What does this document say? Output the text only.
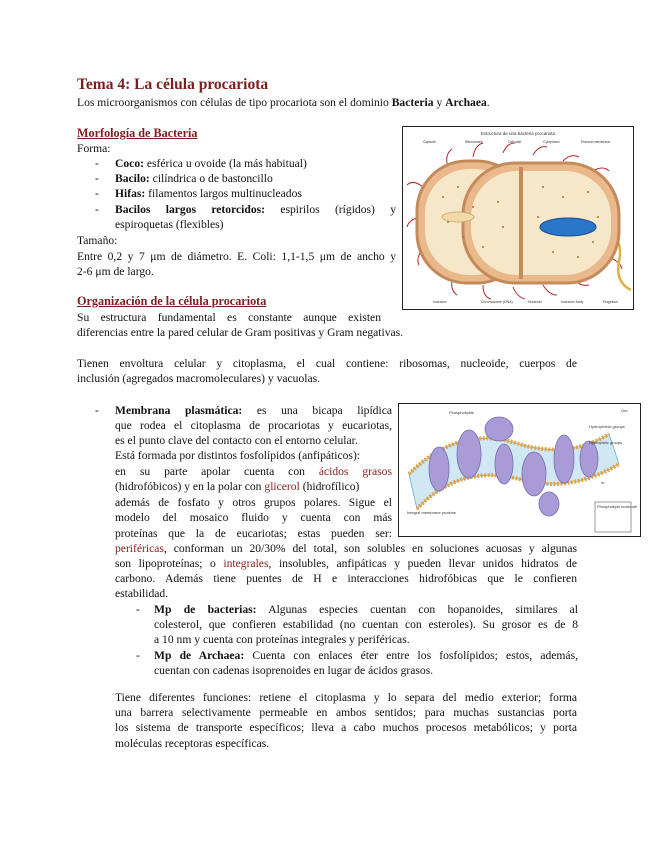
Tema 4: La célula procariota
Los microorganismos con células de tipo procariota son el dominio Bacteria y Archaea.
Morfología de Bacteria
Forma:
- Coco: esférica u ovoide (la más habitual)
- Bacilo: cilíndrica o de bastoncillo
- Hifas: filamentos largos multinucleados
- Bacilos largos retorcidos: espirilos (rígidos) y
espiroquetas (flexibles)
Tamaño:
Entre 0,2 y 7 μm de diámetro. E. Coli: 1,1-1,5 μm de ancho y
2-6 μm de largo.
Organización de la célula procariota
Su estructura fundamental es constante aunque existen
diferencias entre la pared celular de Gram positivas y Gram negativas.
Tienen envoltura celular y citoplasma, el cual contiene: ribosomas, nucleoide, cuerpos de
inclusión (agregados macromoleculares) y vacuolas.
- Membrana plasmática: es una bicapa lipídica
que rodea el citoplasma de procariotas y eucariotas,
es el punto clave del contacto con el entorno celular.
Está formada por distintos fosfolípidos (anfipáticos):
en su parte apolar cuenta con ácidos grasos
(hidrofóbicos) y en la polar con glicerol (hidrofílico)
además de fosfato y otros grupos polares. Sigue el
modelo del mosaico fluido y cuenta con más
proteínas que la de eucariotas; estas pueden ser:
periféricas, conforman un 20/30% del total, son solubles en soluciones acuosas y algunas
son lipoproteínas; o integrales, insolubles, anfipáticas y pueden llevar unidos hidratos de
carbono. Además tiene puentes de H e interacciones hidrofóbicas que le confieren
estabilidad.
- Mp de bacterias: Algunas especies cuentan con hopanoides, similares al
colesterol, que confieren estabilidad (no cuentan con esteroles). Su grosor es de 8
a 10 nm y cuenta con proteínas integrales y periféricas.
- Mp de Archaea: Cuenta con enlaces éter entre los fosfolípidos; estos, además,
cuentan con cadenas isoprenoides en lugar de ácidos grasos.
Tiene diferentes funciones: retiene el citoplasma y lo separa del medio exterior; forma
una barrera selectivamente permeable en ambos sentidos; para muchas sustancias porta
los sistema de transporte específicos; lleva a cabo muchos procesos metabólicos; y porta
moléculas receptoras específicas.
Estructura de una bacteria procariota
Capsule	Ribosomes	Cell wall	Cytoplasm	Plasma membrane
Inclusion	Chromosome (DNA)	Nucleoid	Inclusion body	Flagellum
Out
In
Phospholipids
Integral membrane proteins
Hydrophobic groups
Hydrophilic groups
Phospholipid molecule
